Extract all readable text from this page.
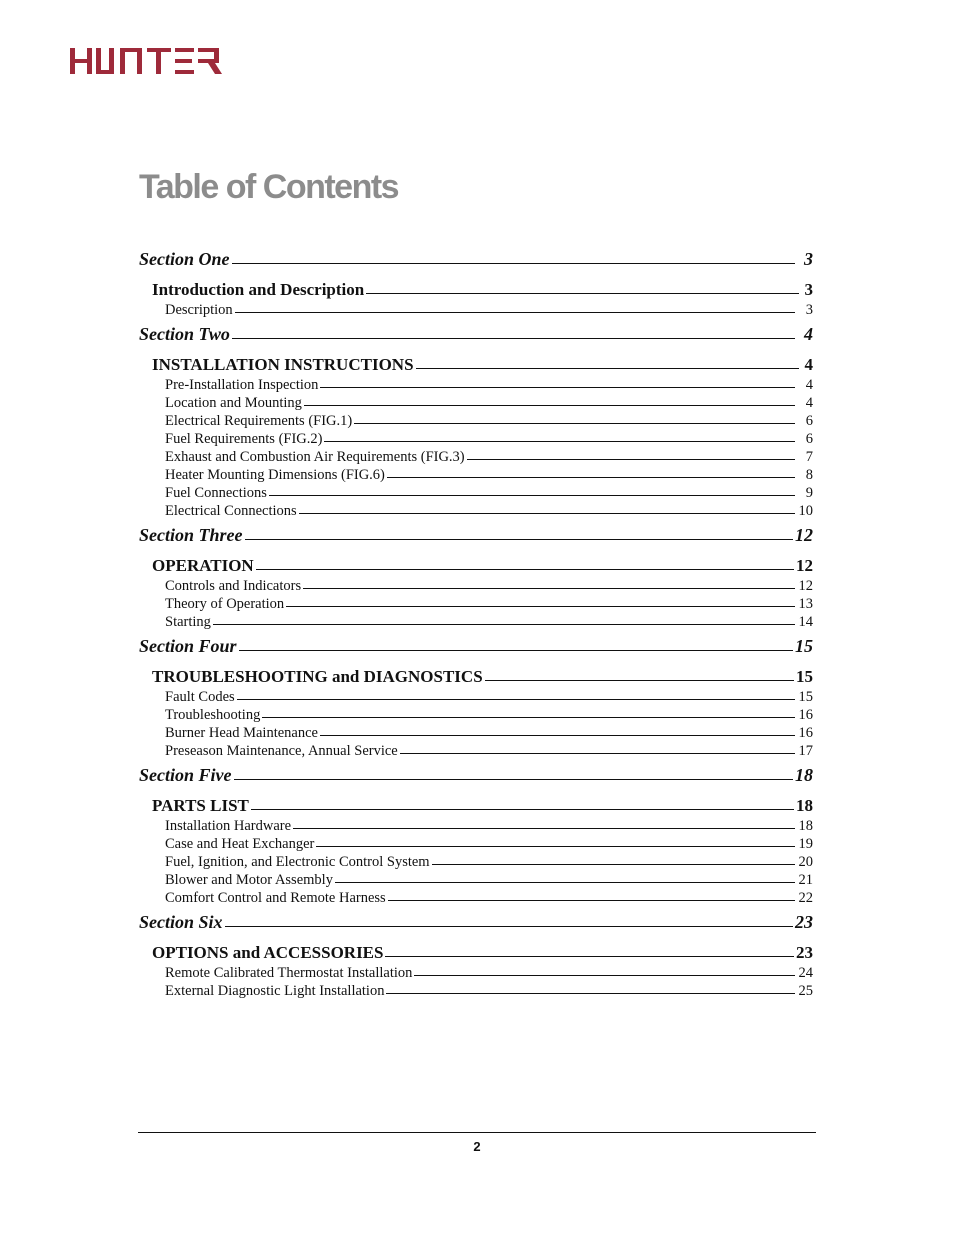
Table of Contents
Section One	3
Introduction and Description	3
Description	3
Section Two	4
INSTALLATION INSTRUCTIONS	4
Pre-Installation Inspection	4
Location and Mounting	4
Electrical Requirements (FIG.1)	6
Fuel Requirements (FIG.2)	6
Exhaust and Combustion Air Requirements (FIG.3)	7
Heater Mounting Dimensions (FIG.6)	8
Fuel Connections	9
Electrical Connections	10
Section Three	12
OPERATION	12
Controls and Indicators	12
Theory of Operation	13
Starting	14
Section Four	15
TROUBLESHOOTING and DIAGNOSTICS	15
Fault Codes	15
Troubleshooting	16
Burner Head Maintenance	16
Preseason Maintenance, Annual Service	17
Section Five	18
PARTS LIST	18
Installation Hardware	18
Case and Heat Exchanger	19
Fuel, Ignition, and Electronic Control System	20
Blower and Motor Assembly	21
Comfort Control and Remote Harness	22
Section Six	23
OPTIONS and ACCESSORIES	23
Remote Calibrated Thermostat Installation	24
External Diagnostic Light Installation	25
2
